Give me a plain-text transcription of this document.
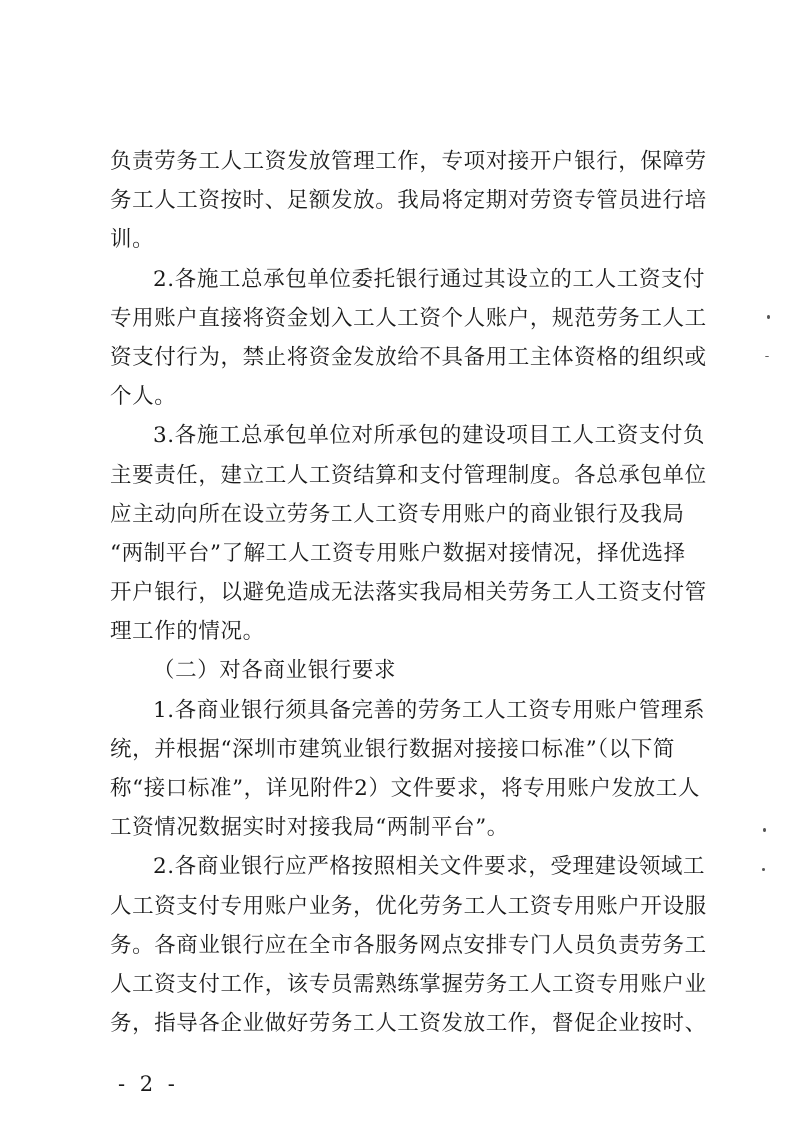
负责劳务工人工资发放管理工作，专项对接开户银行，保障劳
务工人工资按时、足额发放。我局将定期对劳资专管员进行培
训。
2.各施工总承包单位委托银行通过其设立的工人工资支付
专用账户直接将资金划入工人工资个人账户，规范劳务工人工
资支付行为，禁止将资金发放给不具备用工主体资格的组织或
个人。
3.各施工总承包单位对所承包的建设项目工人工资支付负
主要责任，建立工人工资结算和支付管理制度。各总承包单位
应主动向所在设立劳务工人工资专用账户的商业银行及我局
“两制平台”了解工人工资专用账户数据对接情况，择优选择
开户银行，以避免造成无法落实我局相关劳务工人工资支付管
理工作的情况。
（二）对各商业银行要求
1.各商业银行须具备完善的劳务工人工资专用账户管理系
统，并根据“深圳市建筑业银行数据对接接口标准”（以下简
称“接口标准”，详见附件2）文件要求，将专用账户发放工人
工资情况数据实时对接我局“两制平台”。
2.各商业银行应严格按照相关文件要求，受理建设领域工
人工资支付专用账户业务，优化劳务工人工资专用账户开设服
务。各商业银行应在全市各服务网点安排专门人员负责劳务工
人工资支付工作，该专员需熟练掌握劳务工人工资专用账户业
务，指导各企业做好劳务工人工资发放工作，督促企业按时、
- 2 -
